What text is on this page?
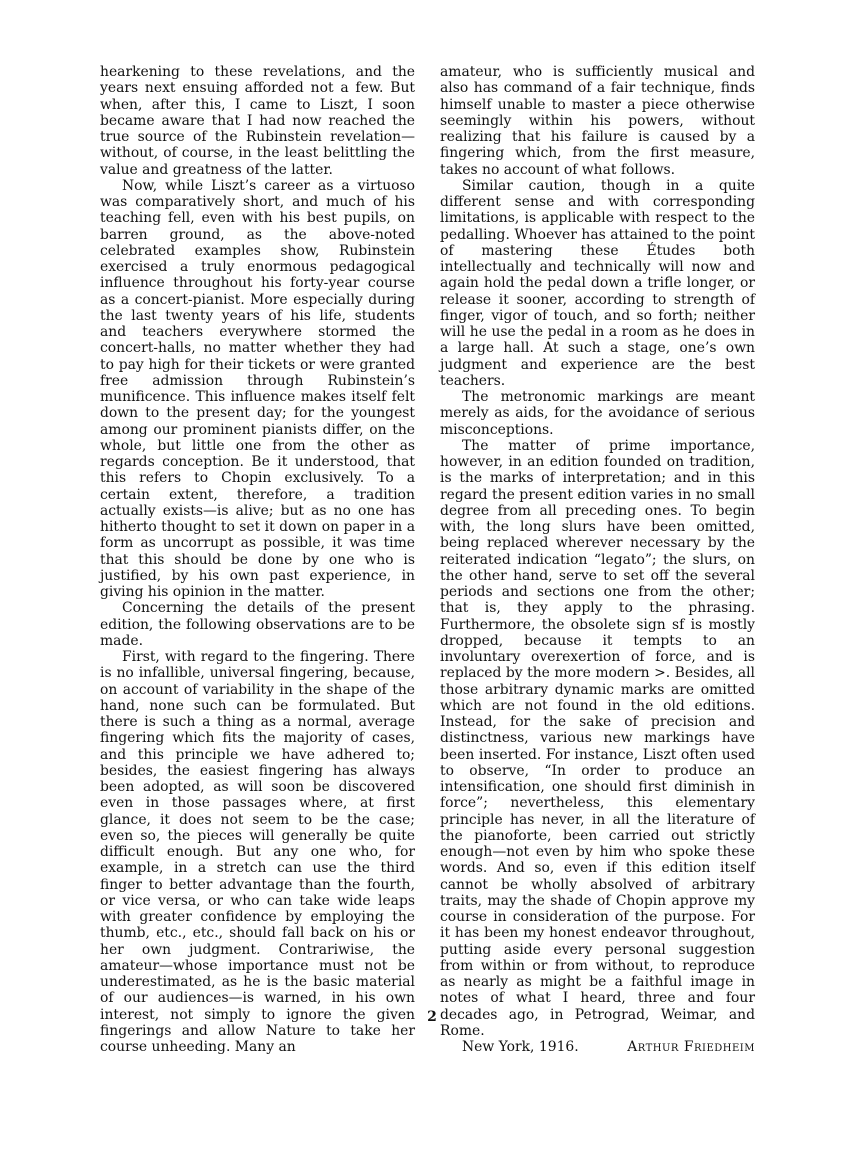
hearkening to these revelations, and the years next ensuing afforded not a few. But when, after this, I came to Liszt, I soon became aware that I had now reached the true source of the Rubinstein revelation—without, of course, in the least belittling the value and greatness of the latter.

Now, while Liszt’s career as a virtuoso was comparatively short, and much of his teaching fell, even with his best pupils, on barren ground, as the above-noted celebrated examples show, Rubinstein exercised a truly enormous pedagogical influence throughout his forty-year course as a concert-pianist. More especially during the last twenty years of his life, students and teachers everywhere stormed the concert-halls, no matter whether they had to pay high for their tickets or were granted free admission through Rubinstein’s munificence. This influence makes itself felt down to the present day; for the youngest among our prominent pianists differ, on the whole, but little one from the other as regards conception. Be it understood, that this refers to Chopin exclusively. To a certain extent, therefore, a tradition actually exists—is alive; but as no one has hitherto thought to set it down on paper in a form as uncorrupt as possible, it was time that this should be done by one who is justified, by his own past experience, in giving his opinion in the matter.

Concerning the details of the present edition, the following observations are to be made.

First, with regard to the fingering. There is no infallible, universal fingering, because, on account of variability in the shape of the hand, none such can be formulated. But there is such a thing as a normal, average fingering which fits the majority of cases, and this principle we have adhered to; besides, the easiest fingering has always been adopted, as will soon be discovered even in those passages where, at first glance, it does not seem to be the case; even so, the pieces will generally be quite difficult enough. But any one who, for example, in a stretch can use the third finger to better advantage than the fourth, or vice versa, or who can take wide leaps with greater confidence by employing the thumb, etc., etc., should fall back on his or her own judgment. Contrariwise, the amateur—whose importance must not be underestimated, as he is the basic material of our audiences—is warned, in his own interest, not simply to ignore the given fingerings and allow Nature to take her course unheeding. Many an

amateur, who is sufficiently musical and also has command of a fair technique, finds himself unable to master a piece otherwise seemingly within his powers, without realizing that his failure is caused by a fingering which, from the first measure, takes no account of what follows.

Similar caution, though in a quite different sense and with corresponding limitations, is applicable with respect to the pedalling. Whoever has attained to the point of mastering these Études both intellectually and technically will now and again hold the pedal down a trifle longer, or release it sooner, according to strength of finger, vigor of touch, and so forth; neither will he use the pedal in a room as he does in a large hall. At such a stage, one’s own judgment and experience are the best teachers.

The metronomic markings are meant merely as aids, for the avoidance of serious misconceptions.

The matter of prime importance, however, in an edition founded on tradition, is the marks of interpretation; and in this regard the present edition varies in no small degree from all preceding ones. To begin with, the long slurs have been omitted, being replaced wherever necessary by the reiterated indication “legato”; the slurs, on the other hand, serve to set off the several periods and sections one from the other; that is, they apply to the phrasing. Furthermore, the obsolete sign sf is mostly dropped, because it tempts to an involuntary overexertion of force, and is replaced by the more modern >. Besides, all those arbitrary dynamic marks are omitted which are not found in the old editions. Instead, for the sake of precision and distinctness, various new markings have been inserted. For instance, Liszt often used to observe, “In order to produce an intensification, one should first diminish in force”; nevertheless, this elementary principle has never, in all the literature of the pianoforte, been carried out strictly enough—not even by him who spoke these words. And so, even if this edition itself cannot be wholly absolved of arbitrary traits, may the shade of Chopin approve my course in consideration of the purpose. For it has been my honest endeavor throughout, putting aside every personal suggestion from within or from without, to reproduce as nearly as might be a faithful image in notes of what I heard, three and four decades ago, in Petrograd, Weimar, and Rome.

New York, 1916.	Arthur Friedheim
2
